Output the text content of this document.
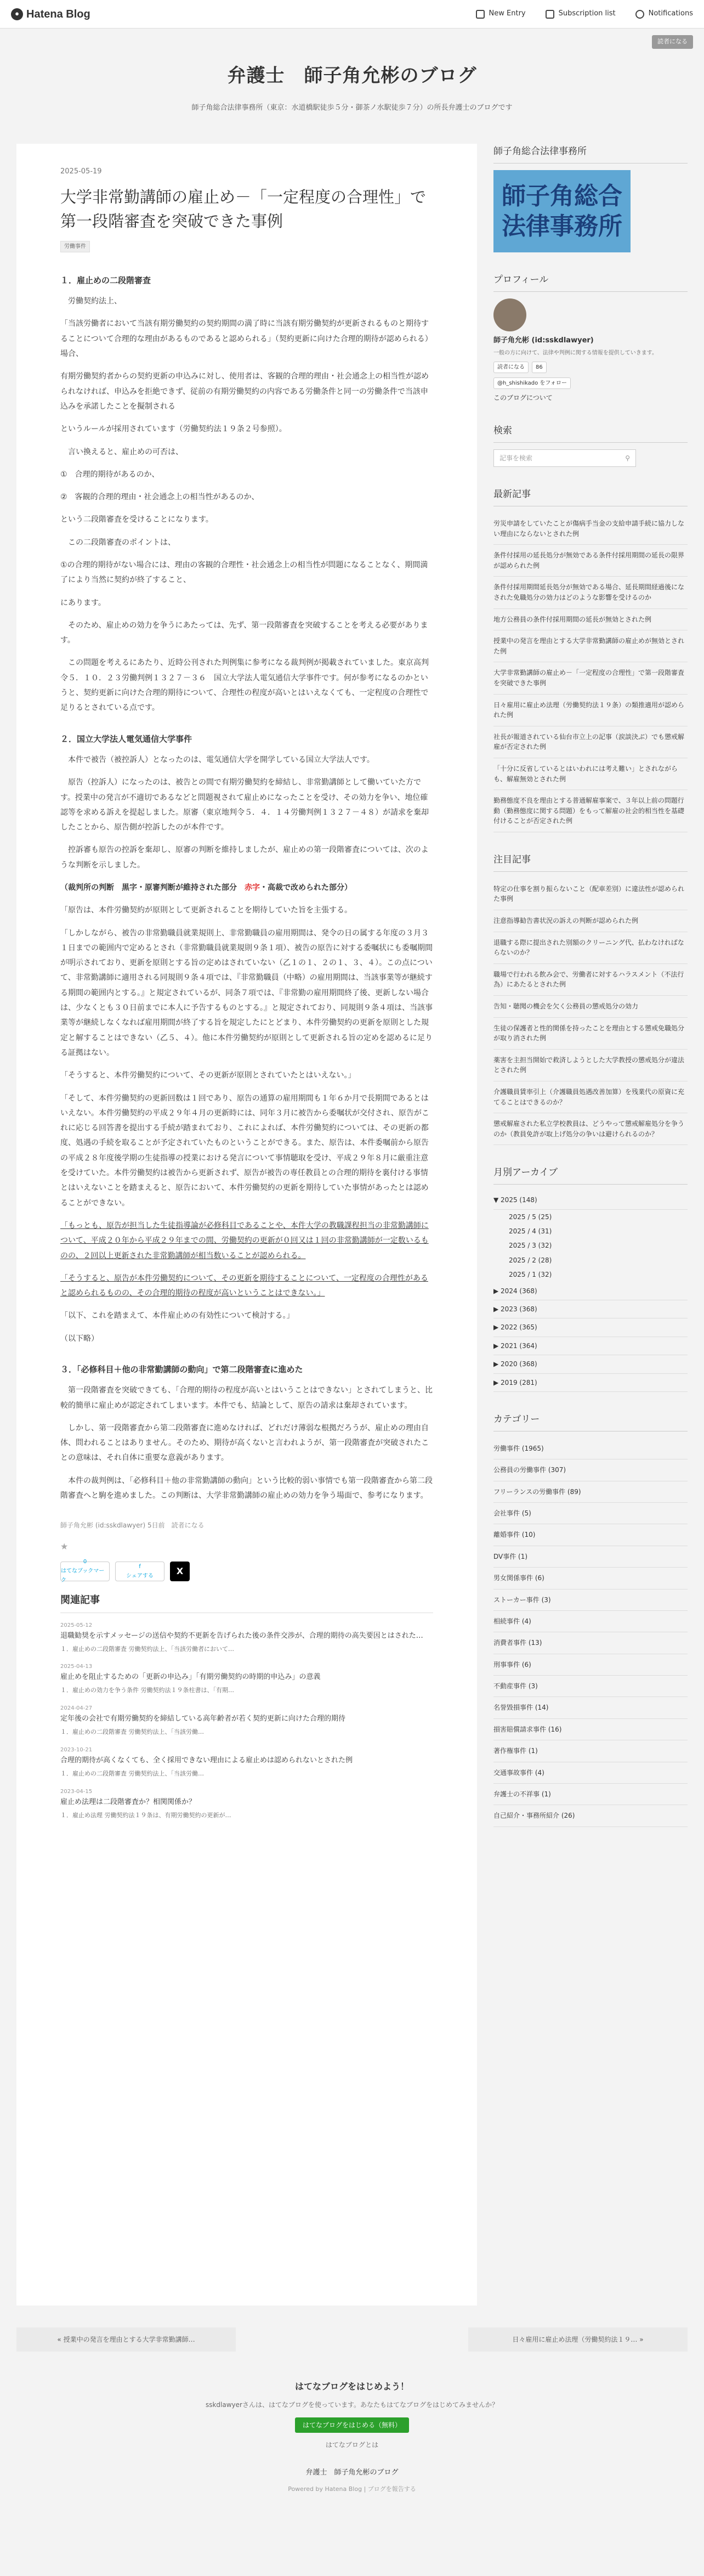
● Hatena Blog	New Entry	Subscription list	Notifications
読者になる
弁護士　師子角允彬のブログ

師子角総合法律事務所（東京：水道橋駅徒歩５分・御茶ノ水駅徒歩７分）の所長弁護士のブログです

2025-05-19
大学非常勤講師の雇止め－「一定程度の合理性」で第一段階審査を突破できた事例
労働事件
１．雇止めの二段階審査

　労働契約法上、

「当該労働者において当該有期労働契約の契約期間の満了時に当該有期労働契約が更新されるものと期待することについて合理的な理由があるものであると認められる」（契約更新に向けた合理的期待が認められる）場合、

有期労働契約者からの契約更新の申込みに対し、使用者は、客観的合理的理由・社会通念上の相当性が認められなければ、申込みを拒絶できず、従前の有期労働契約の内容である労働条件と同一の労働条件で当該申込みを承諾したことを擬制される

というルールが採用されています（労働契約法１９条２号参照）。

　言い換えると、雇止めの可否は、

①　合理的期待があるのか、

②　客観的合理的理由・社会通念上の相当性があるのか、

という二段階審査を受けることになります。

　この二段階審査のポイントは、

①の合理的期待がない場合には、理由の客観的合理性・社会通念上の相当性が問題になることなく、期間満了により当然に契約が終了すること、

にあります。

　そのため、雇止めの効力を争うにあたっては、先ず、第一段階審査を突破することを考える必要があります。

　この問題を考えるにあたり、近時公刊された判例集に参考になる裁判例が掲載されていました。東京高判令５．１０．２３労働判例１３２７－３６　国立大学法人電気通信大学事件です。何が参考になるのかというと、契約更新に向けた合理的期待について、合理性の程度が高いとはいえなくても、一定程度の合理性で足りるとされている点です。

２．国立大学法人電気通信大学事件

　本件で被告（被控訴人）となったのは、電気通信大学を開学している国立大学法人です。

　原告（控訴人）になったのは、被告との間で有期労働契約を締結し、非常勤講師として働いていた方です。授業中の発言が不適切であるなどと問題視されて雇止めになったことを受け、その効力を争い、地位確認等を求める訴えを提起しました。原審（東京地判令５．４．１４労働判例１３２７－４８）が請求を棄却したことから、原告側が控訴したのが本件です。

　控訴審も原告の控訴を棄却し、原審の判断を維持しましたが、雇止めの第一段階審査については、次のような判断を示しました。

（裁判所の判断　黒字・原審判断が維持された部分　赤字・高裁で改められた部分）

「原告は、本件労働契約が原則として更新されることを期待していた旨を主張する。

「しかしながら、被告の非常勤職員就業規則上、非常勤職員の雇用期間は、発令の日の属する年度の３月３１日までの範囲内で定めるとされ（非常勤職員就業規則９条１項）、被告の原告に対する委嘱状にも委嘱期間が明示されており、更新を原則とする旨の定めはされていない（乙１の１、２の１、３、４）。この点について、非常勤講師に適用される同規則９条４項では、『非常勤職員（中略）の雇用期間は、当該事業等が継続する期間の範囲内とする。』と規定されているが、同条７項では、『非常勤の雇用期間終了後、更新しない場合は、少なくとも３０日前までに本人に予告するものとする。』と規定されており、同規則９条４項は、当該事業等が継続しなくなれば雇用期間が終了する旨を規定したにとどまり、本件労働契約の更新を原則とした規定と解することはできない（乙５、４）。他に本件労働契約が原則として更新される旨の定めを認めるに足りる証拠はない。

「そうすると、本件労働契約について、その更新が原則とされていたとはいえない。」

「そして、本件労働契約の更新回数は１回であり、原告の通算の雇用期間も１年６か月で長期間であるとはいえない。本件労働契約の平成２９年４月の更新時には、同年３月に被告から委嘱状が交付され、原告がこれに応じる回答書を提出する手続が踏まれており、これによれば、本件労働契約については、その更新の都度、処遇の手続を取ることが予定されていたものということができる。また、原告は、本件委嘱前から原告の平成２８年度後学期の生徒指導の授業における発言について事情聴取を受け、平成２９年８月に厳重注意を受けていた。本件労働契約は被告から更新されず、原告が被告の専任教員との合理的期待を裏付ける事情とはいえないことを踏まえると、原告において、本件労働契約の更新を期待していた事情があったとは認めることができない。

「もっとも、原告が担当した生徒指導論が必修科目であることや、本件大学の教職課程担当の非常勤講師について、平成２０年から平成２９年までの間、労働契約の更新が０回又は１回の非常勤講師が一定数いるものの、２回以上更新された非常勤講師が相当数いることが認められる。

「そうすると、原告が本件労働契約について、その更新を期待することについて、一定程度の合理性があると認められるものの、その合理的期待の程度が高いということはできない。」

「以下、これを踏まえて、本件雇止めの有効性について検討する。」

（以下略）

３．「必修科目＋他の非常勤講師の動向」で第二段階審査に進めた

　第一段階審査を突破できても、「合理的期待の程度が高いとはいうことはできない」とされてしまうと、比較的簡単に雇止めが認定されてしまいます。本件でも、結論として、原告の請求は棄却されています。

　しかし、第一段階審査から第二段階審査に進めなければ、どれだけ薄弱な根拠だろうが、雇止めの理由自体、問われることはありません。そのため、期待が高くないと言われようが、第一段階審査が突破されたことの意味は、それ自体に重要な意義があります。

　本件の裁判例は、「必修科目＋他の非常勤講師の動向」という比較的弱い事情でも第一段階審査から第二段階審査へと駒を進めました。この判断は、大学非常勤講師の雇止めの効力を争う場面で、参考になります。

師子角允彬 (id:sskdlawyer) 5日前　読者になる
★
0
はてなブックマーク
f
シェアする	X
関連記事
2025-05-12
退職勧奨を示すメッセージの送信や契約不更新を告げられた後の条件交渉が、合理的期待の高失要因とはされた…
１．雇止めの二段階審査 労働契約法上、「当該労働者において…
2025-04-13
雇止めを阻止するための「更新の申込み」「有期労働契約の時期的申込み」の意義
１．雇止めの効力を争う条件 労働契約法１９条柱書は、「有期…
2024-04-27
定年後の会社で有期労働契約を締結している高年齢者が若く契約更新に向けた合理的期待
１．雇止めの二段階審査 労働契約法上、「当該労働…
2023-10-21
合理的期待が高くなくても、全く採用できない理由による雇止めは認められないとされた例
１．雇止めの二段階審査 労働契約法上、「当該労働…
2023-04-15
雇止め法理は二段階審査か？相関関係か？
１．雇止め法理 労働契約法１９条は、有期労働契約の更新が…
師子角総合法律事務所
師子角総合法律事務所
プロフィール
師子角允彬 (id:sskdlawyer)
一般の方に向けて、法律や判例に関する情報を提供していきます。
読者になる	86
@h_shishikado をフォロー
このブログについて
検索
記事を検索	⚲
最新記事
労災申請をしていたことが傷病手当金の支給申請手続に協力しない理由にならないとされた例
条件付採用の延長処分が無効である条件付採用期間の延長の限界が認められた例
条件付採用期間延長処分が無効である場合、延長期間経過後になされた免職処分の効力はどのような影響を受けるのか
地方公務員の条件付採用期間の延長が無効とされた例
授業中の発言を理由とする大学非常勤講師の雇止めが無効とされた例
大学非常勤講師の雇止め－「一定程度の合理性」で第一段階審査を突破できた事例
日々雇用に雇止め法理（労働契約法１９条）の類推適用が認められた例
社長が報道されている仙台市立上の記事（涙談決ぶ）でも懲戒解雇が否定された例
「十分に反省しているとはいわれには考え難い」とされながらも、解雇無効とされた例
勤務態度不良を理由とする普通解雇事案で、３年以上前の問題行動（勤務態度に関する問題）をもって解雇の社会的相当性を基礎付けることが否定された例
注目記事
特定の仕事を割り振らないこと（配車差別）に違法性が認められた事例
注意指導勧告書状況の訴えの判断が認められた例
退職する際に提出された別額のクリーニング代、払わなければならないのか？
職場で行われる飲み会で、労働者に対するハラスメント（不法行為）にあたるとされた例
告知・聴聞の機会を欠く公務員の懲戒処分の効力
生徒の保護者と性的関係を持ったことを理由とする懲戒免職処分が取り消された例
薬害を主担当開始で救済しようとした大学教授の懲戒処分が違法とされた例
介護職員賃率引上（介護職員処遇改善加算）を残業代の原資に充てることはできるのか？
懲戒解雇された私立学校教員は、どうやって懲戒解雇処分を争うのか（教員免許が取上げ処分の争いは避けられるのか？
月別アーカイブ
▼ 2025 (148)
2025 / 5 (25)
2025 / 4 (31)
2025 / 3 (32)
2025 / 2 (28)
2025 / 1 (32)
▶ 2024 (368)
▶ 2023 (368)
▶ 2022 (365)
▶ 2021 (364)
▶ 2020 (368)
▶ 2019 (281)
カテゴリー
労働事件 (1965)
公務員の労働事件 (307)
フリーランスの労働事件 (89)
会社事件 (5)
離婚事件 (10)
DV事件 (1)
男女関係事件 (6)
ストーカー事件 (3)
相続事件 (4)
消費者事件 (13)
刑事事件 (6)
不動産事件 (3)
名誉毀損事件 (14)
損害賠償請求事件 (16)
著作権事件 (1)
交通事故事件 (4)
弁護士の不祥事 (1)
自己紹介・事務所紹介 (26)
« 授業中の発言を理由とする大学非常勤講師…	日々雇用に雇止め法理（労働契約法１９… »
はてなブログをはじめよう！
sskdlawyerさんは、はてなブログを使っています。あなたもはてなブログをはじめてみませんか？
はてなブログをはじめる（無料）
はてなブログとは
弁護士　師子角允彬のブログ
Powered by Hatena Blog | ブログを報告する
